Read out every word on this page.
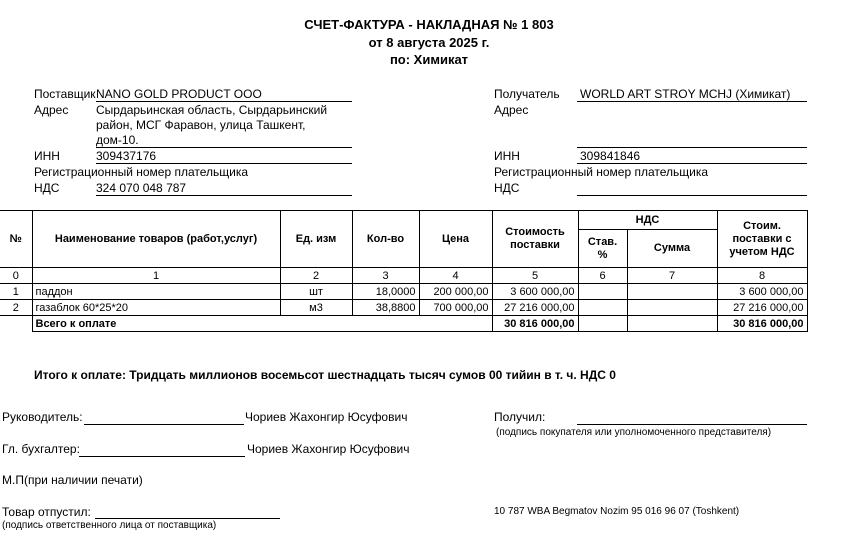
СЧЕТ-ФАКТУРА - НАКЛАДНАЯ № 1 803
от 8 августа 2025 г.
по: Химикат
Поставщик NANO GOLD PRODUCT OOO
Адрес Сырдарьинская область, Сырдарьинский
район, МСГ Фаравон, улица Ташкент,
дом-10.
ИНН	309437176
Регистрационный номер плательщика
НДС	324 070 048 787
Получатель WORLD ART STROY MCHJ (Химикат)
Адрес
ИНН	309841846
Регистрационный номер плательщика
НДС
№	Наименование товаров (работ,услуг)	Ед. изм	Кол-во	Цена	Стоимость поставки	НДС		Стоим. поставки с учетом НДС
						Став. %	Сумма	
0	1	2	3	4	5	6	7	8
1	паддон	шт	18,0000	200 000,00	3 600 000,00			3 600 000,00
2	газаблок 60*25*20	м3	38,8800	700 000,00	27 216 000,00			27 216 000,00
	Всего к оплате				30 816 000,00			30 816 000,00
Итого к оплате: Тридцать миллионов восемьсот шестнадцать тысяч сумов 00 тийин в т. ч. НДС 0
Руководитель:	Чориев Жахонгир Юсуфович
Гл. бухгалтер:	Чориев Жахонгир Юсуфович
М.П(при наличии печати)
Товар отпустил:
(подпись ответственного лица от поставщика)
Получил:
(подпись покупателя или уполномоченного представителя)
10 787 WBA Begmatov Nozim 95 016 96 07 (Toshkent)
